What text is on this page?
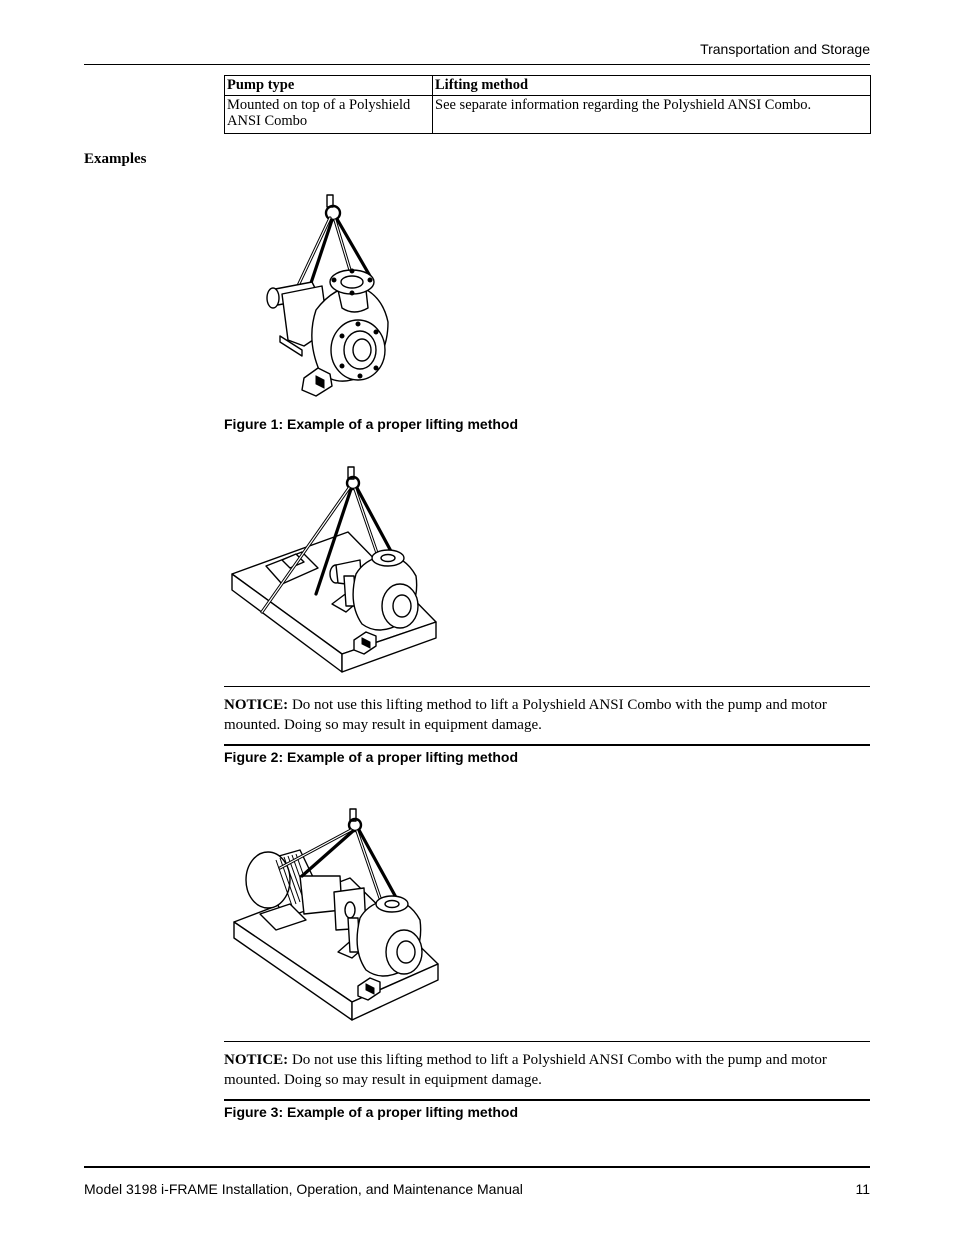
Transportation and Storage
Pump type	Lifting method
Mounted on top of a Polyshield ANSI Combo	See separate information regarding the Polyshield ANSI Combo.
Examples
Figure 1: Example of a proper lifting method
NOTICE: Do not use this lifting method to lift a Polyshield ANSI Combo with the pump and motor mounted. Doing so may result in equipment damage.
Figure 2: Example of a proper lifting method
NOTICE: Do not use this lifting method to lift a Polyshield ANSI Combo with the pump and motor mounted. Doing so may result in equipment damage.
Figure 3: Example of a proper lifting method
Model 3198 i-FRAME Installation, Operation, and Maintenance Manual	11
